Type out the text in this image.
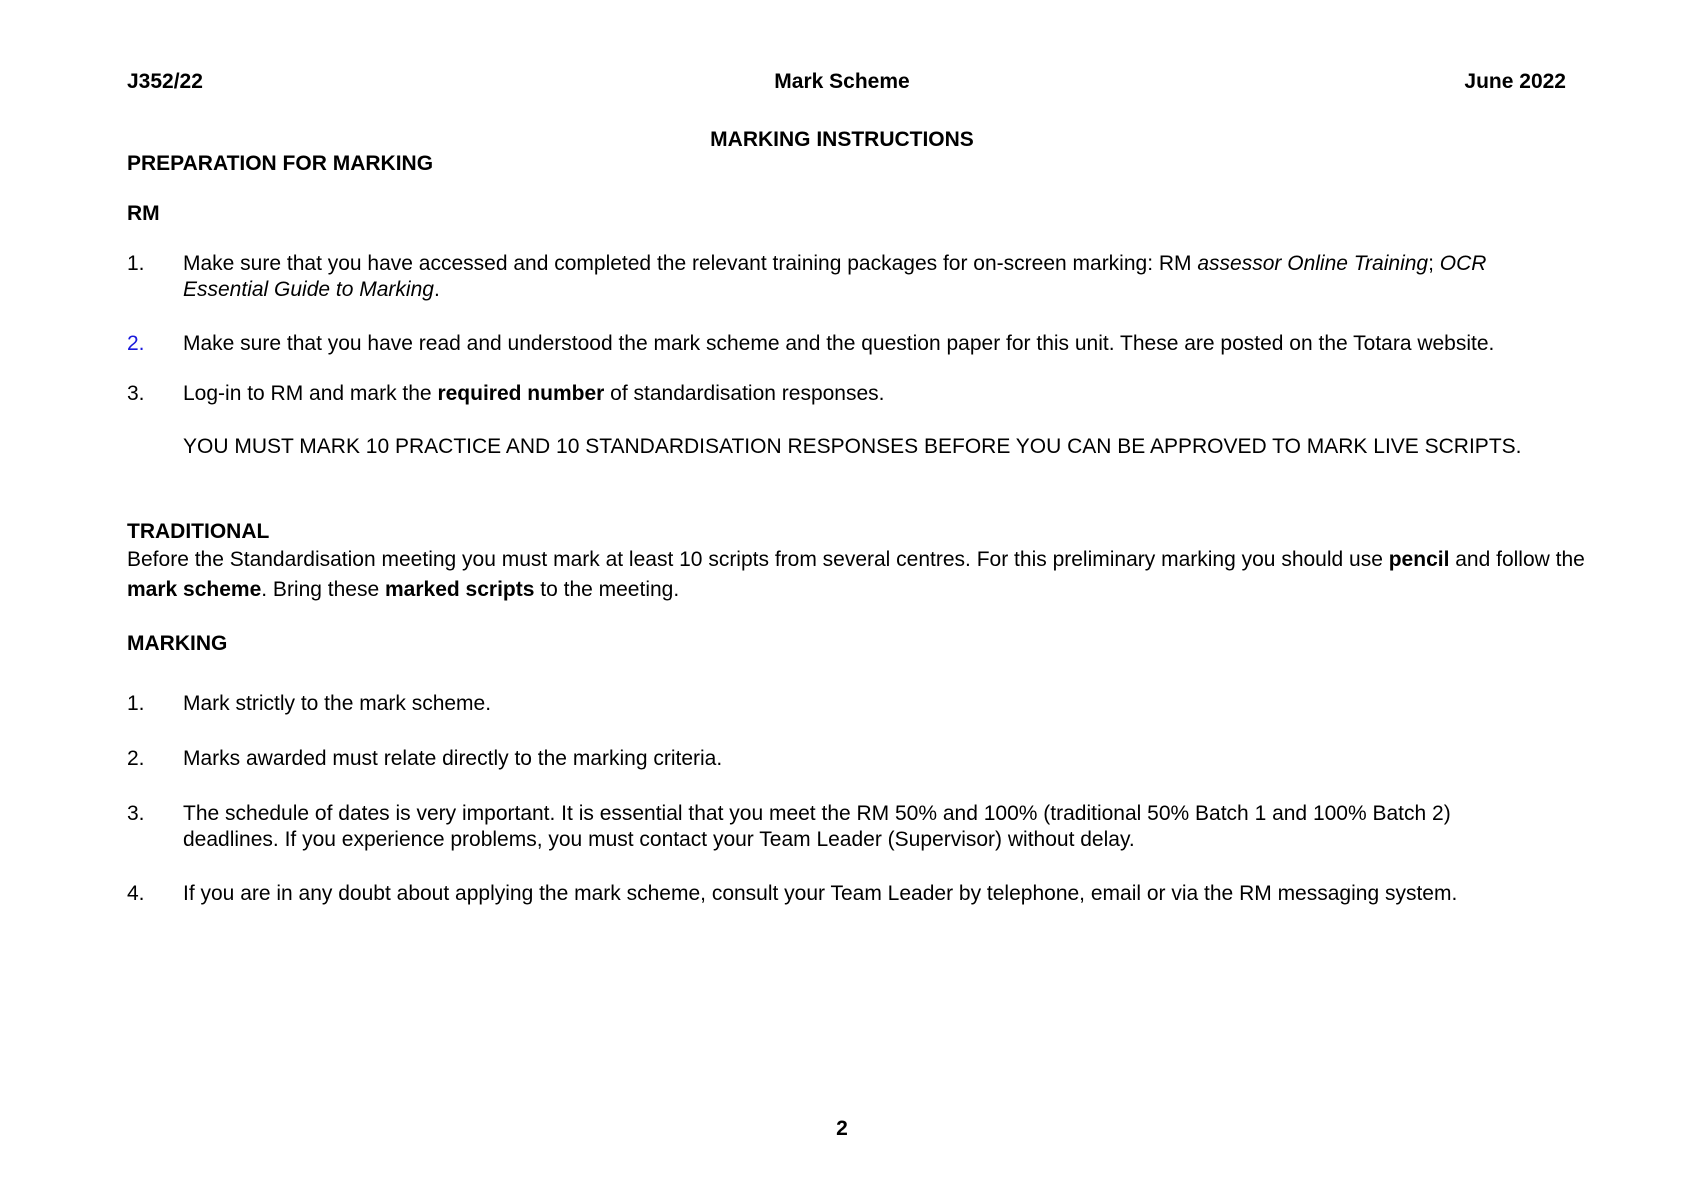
J352/22	Mark Scheme	June 2022
MARKING INSTRUCTIONS
PREPARATION FOR MARKING
RM
1.	Make sure that you have accessed and completed the relevant training packages for on-screen marking: RM assessor Online Training; OCR Essential Guide to Marking.
2.	Make sure that you have read and understood the mark scheme and the question paper for this unit. These are posted on the Totara website.
3.	Log-in to RM and mark the required number of standardisation responses.
YOU MUST MARK 10 PRACTICE AND 10 STANDARDISATION RESPONSES BEFORE YOU CAN BE APPROVED TO MARK LIVE SCRIPTS.
TRADITIONAL
Before the Standardisation meeting you must mark at least 10 scripts from several centres. For this preliminary marking you should use pencil and follow the mark scheme. Bring these marked scripts to the meeting.
MARKING
1.	Mark strictly to the mark scheme.
2.	Marks awarded must relate directly to the marking criteria.
3.	The schedule of dates is very important. It is essential that you meet the RM 50% and 100% (traditional 50% Batch 1 and 100% Batch 2) deadlines. If you experience problems, you must contact your Team Leader (Supervisor) without delay.
4.	If you are in any doubt about applying the mark scheme, consult your Team Leader by telephone, email or via the RM messaging system.
2
